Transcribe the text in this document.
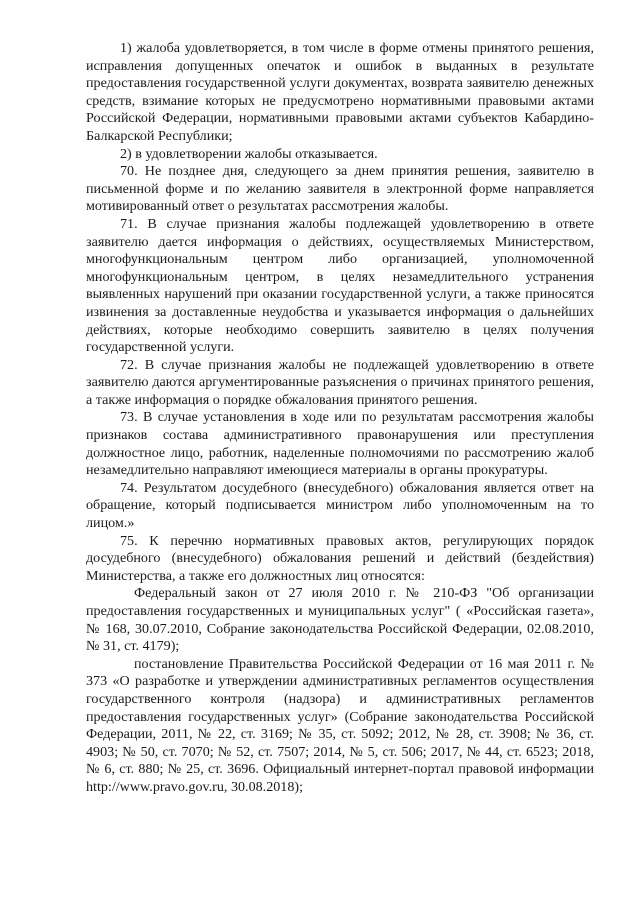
1) жалоба удовлетворяется, в том числе в форме отмены принятого решения, исправления допущенных опечаток и ошибок в выданных в результате предоставления государственной услуги документах, возврата заявителю денежных средств, взимание которых не предусмотрено нормативными правовыми актами Российской Федерации, нормативными правовыми актами субъектов Кабардино-Балкарской Республики;

2) в удовлетворении жалобы отказывается.

70. Не позднее дня, следующего за днем принятия решения, заявителю в письменной форме и по желанию заявителя в электронной форме направляется мотивированный ответ о результатах рассмотрения жалобы.

71. В случае признания жалобы подлежащей удовлетворению в ответе заявителю дается информация о действиях, осуществляемых Министерством, многофункциональным центром либо организацией, уполномоченной многофункциональным центром, в целях незамедлительного устранения выявленных нарушений при оказании государственной услуги, а также приносятся извинения за доставленные неудобства и указывается информация о дальнейших действиях, которые необходимо совершить заявителю в целях получения государственной услуги.

72. В случае признания жалобы не подлежащей удовлетворению в ответе заявителю даются аргументированные разъяснения о причинах принятого решения, а также информация о порядке обжалования принятого решения.

73. В случае установления в ходе или по результатам рассмотрения жалобы признаков состава административного правонарушения или преступления должностное лицо, работник, наделенные полномочиями по рассмотрению жалоб незамедлительно направляют имеющиеся материалы в органы прокуратуры.

74. Результатом досудебного (внесудебного) обжалования является ответ на обращение, который подписывается министром либо уполномоченным на то лицом.»

75. К перечню нормативных правовых актов, регулирующих порядок досудебного (внесудебного) обжалования решений и действий (бездействия) Министерства, а также его должностных лиц относятся:

Федеральный закон от 27 июля 2010 г. № 210-ФЗ "Об организации предоставления государственных и муниципальных услуг" ( «Российская газета», № 168, 30.07.2010, Собрание законодательства Российской Федерации, 02.08.2010, № 31, ст. 4179);

постановление Правительства Российской Федерации от 16 мая 2011 г. № 373 «О разработке и утверждении административных регламентов осуществления государственного контроля (надзора) и административных регламентов предоставления государственных услуг» (Собрание законодательства Российской Федерации, 2011, № 22, ст. 3169; № 35, ст. 5092; 2012, № 28, ст. 3908; № 36, ст. 4903; № 50, ст. 7070; № 52, ст. 7507; 2014, № 5, ст. 506; 2017, № 44, ст. 6523; 2018, № 6, ст. 880; № 25, ст. 3696. Официальный интернет-портал правовой информации http://www.pravo.gov.ru, 30.08.2018);
